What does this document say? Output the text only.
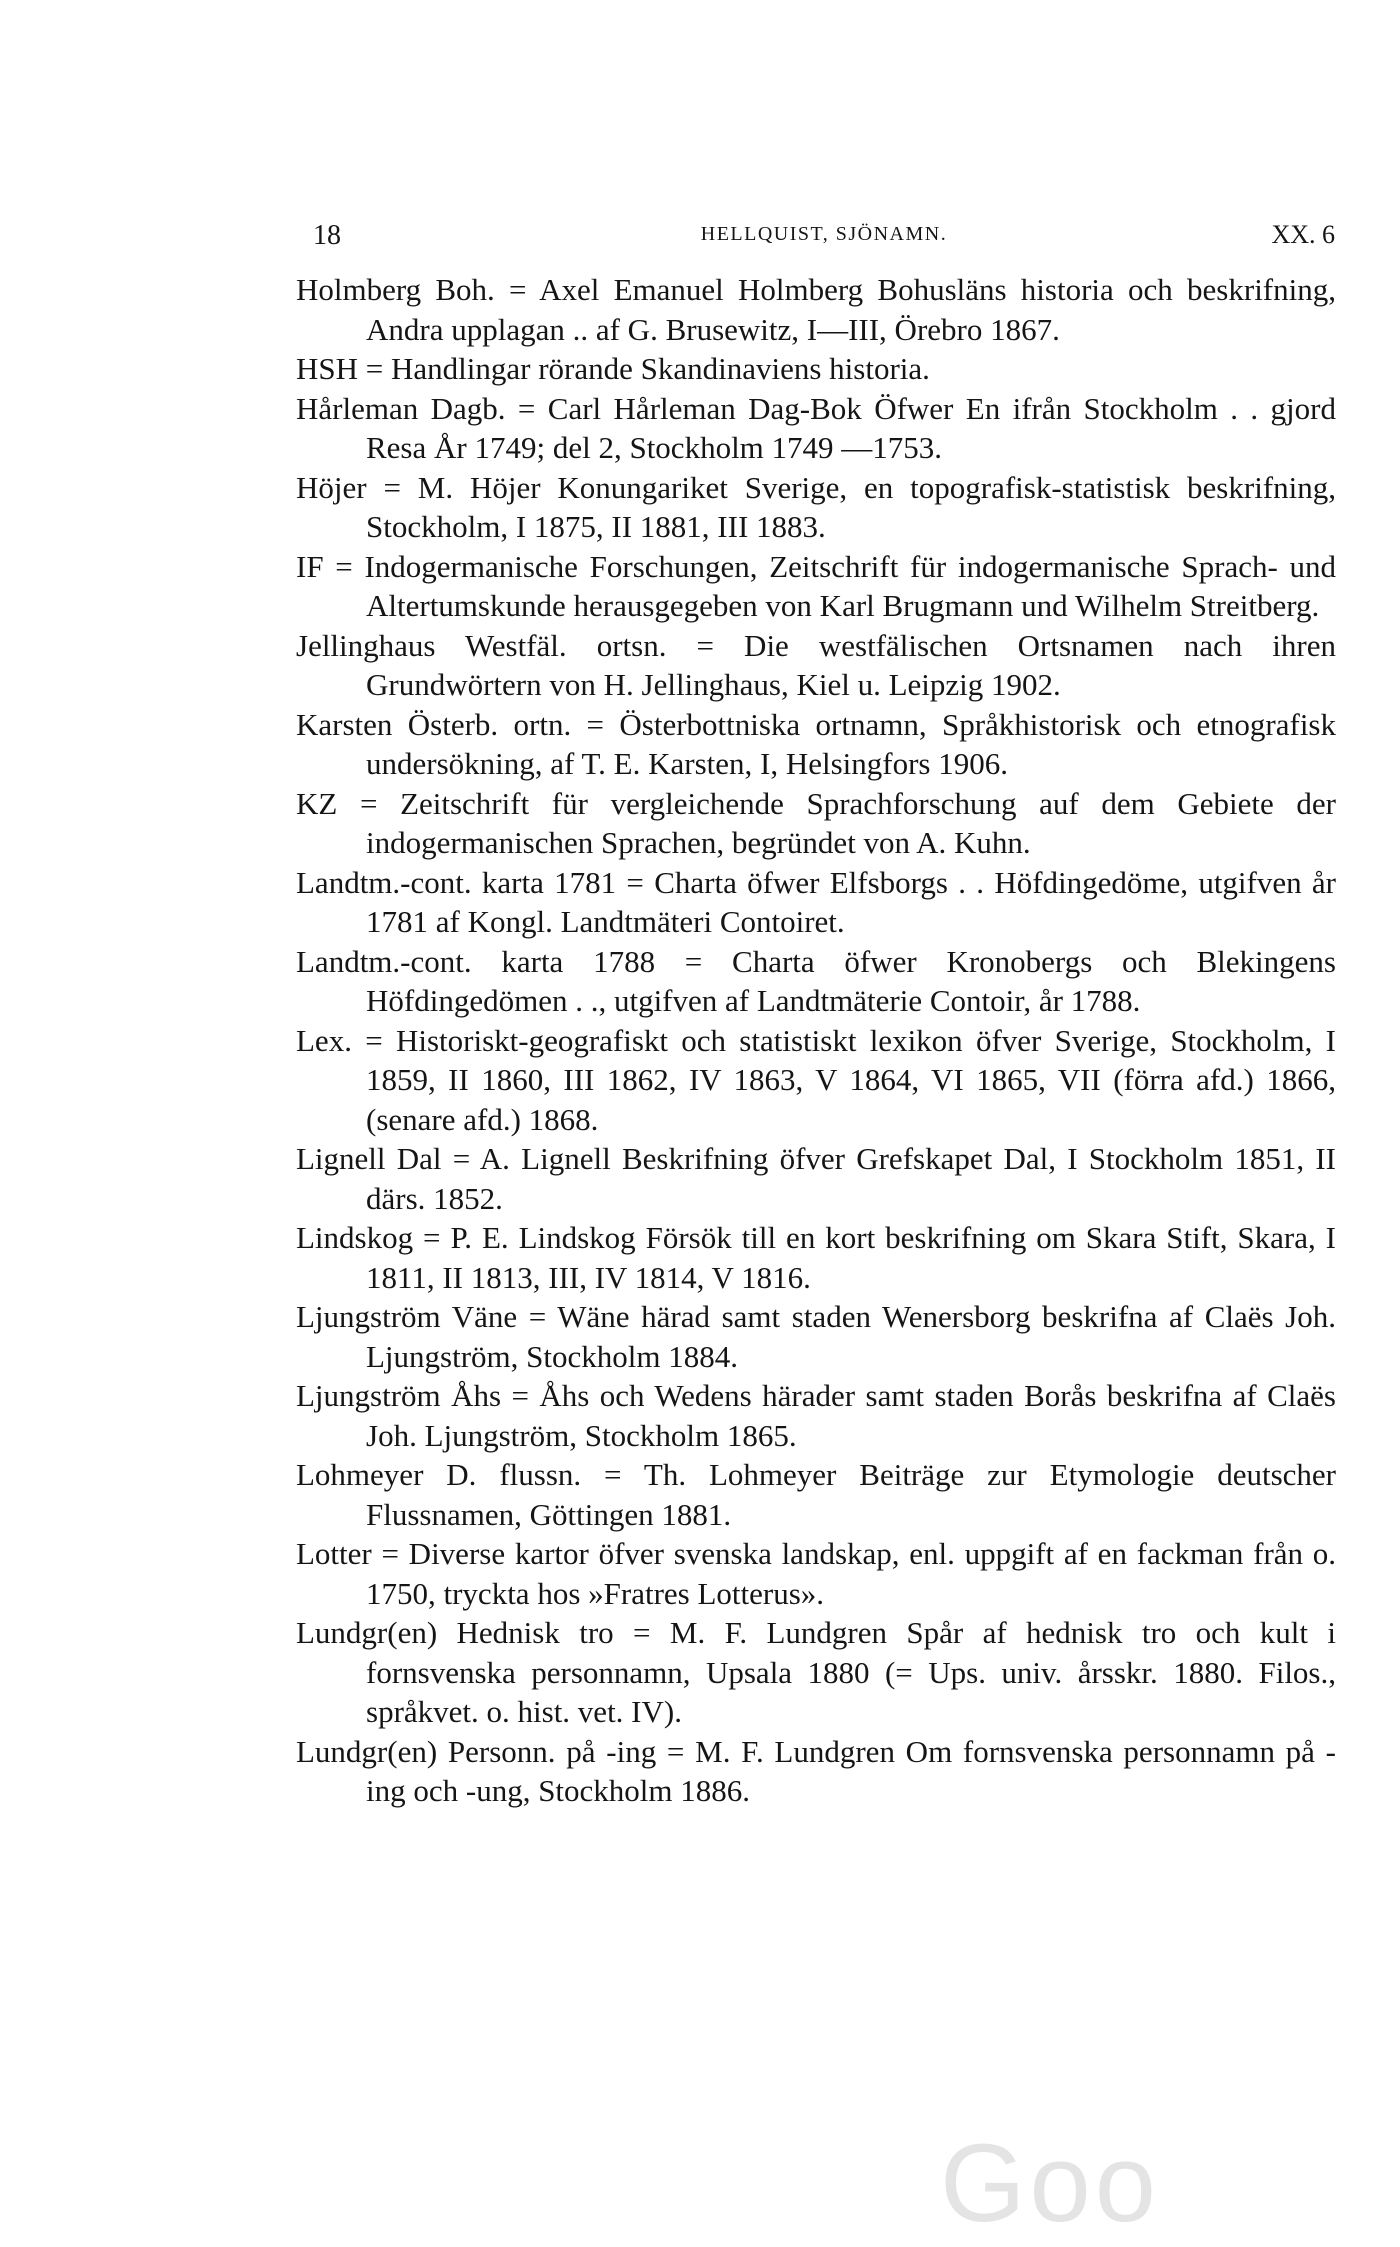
18	HELLQUIST, SJÖNAMN.	XX. 6

Holmberg Boh. = Axel Emanuel Holmberg Bohusläns historia och beskrifning, Andra upplagan .. af G. Brusewitz, I—III, Örebro 1867.

HSH = Handlingar rörande Skandinaviens historia.

Hårleman Dagb. = Carl Hårleman Dag-Bok Öfwer En ifrån Stockholm . . gjord Resa År 1749; del 2, Stockholm 1749 —1753.

Höjer = M. Höjer Konungariket Sverige, en topografisk-statistisk beskrifning, Stockholm, I 1875, II 1881, III 1883.

IF = Indogermanische Forschungen, Zeitschrift für indogermanische Sprach- und Altertumskunde herausgegeben von Karl Brugmann und Wilhelm Streitberg.

Jellinghaus Westfäl. ortsn. = Die westfälischen Ortsnamen nach ihren Grundwörtern von H. Jellinghaus, Kiel u. Leipzig 1902.

Karsten Österb. ortn. = Österbottniska ortnamn, Språkhistorisk och etnografisk undersökning, af T. E. Karsten, I, Helsingfors 1906.

KZ = Zeitschrift für vergleichende Sprachforschung auf dem Gebiete der indogermanischen Sprachen, begründet von A. Kuhn.

Landtm.-cont. karta 1781 = Charta öfwer Elfsborgs . . Höfdingedöme, utgifven år 1781 af Kongl. Landtmäteri Contoiret.

Landtm.-cont. karta 1788 = Charta öfwer Kronobergs och Blekingens Höfdingedömen . ., utgifven af Landtmäterie Contoir, år 1788.

Lex. = Historiskt-geografiskt och statistiskt lexikon öfver Sverige, Stockholm, I 1859, II 1860, III 1862, IV 1863, V 1864, VI 1865, VII (förra afd.) 1866, (senare afd.) 1868.

Lignell Dal = A. Lignell Beskrifning öfver Grefskapet Dal, I Stockholm 1851, II därs. 1852.

Lindskog = P. E. Lindskog Försök till en kort beskrifning om Skara Stift, Skara, I 1811, II 1813, III, IV 1814, V 1816.

Ljungström Väne = Wäne härad samt staden Wenersborg beskrifna af Claës Joh. Ljungström, Stockholm 1884.

Ljungström Åhs = Åhs och Wedens härader samt staden Borås beskrifna af Claës Joh. Ljungström, Stockholm 1865.

Lohmeyer D. flussn. = Th. Lohmeyer Beiträge zur Etymologie deutscher Flussnamen, Göttingen 1881.

Lotter = Diverse kartor öfver svenska landskap, enl. uppgift af en fackman från o. 1750, tryckta hos »Fratres Lotterus».

Lundgr(en) Hednisk tro = M. F. Lundgren Spår af hednisk tro och kult i fornsvenska personnamn, Upsala 1880 (= Ups. univ. årsskr. 1880. Filos., språkvet. o. hist. vet. IV).

Lundgr(en) Personn. på -ing = M. F. Lundgren Om fornsvenska personnamn på -ing och -ung, Stockholm 1886.

Goo
